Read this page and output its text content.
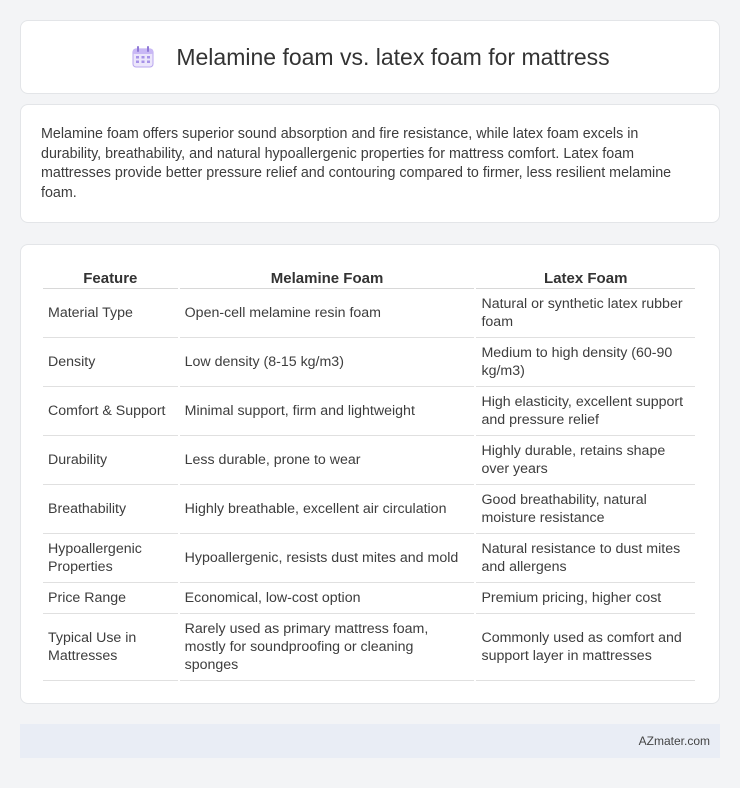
Melamine foam vs. latex foam for mattress

Melamine foam offers superior sound absorption and fire resistance, while latex foam excels in durability, breathability, and natural hypoallergenic properties for mattress comfort. Latex foam mattresses provide better pressure relief and contouring compared to firmer, less resilient melamine foam.

Feature	Melamine Foam	Latex Foam
Material Type	Open-cell melamine resin foam	Natural or synthetic latex rubber foam
Density	Low density (8-15 kg/m3)	Medium to high density (60-90 kg/m3)
Comfort & Support	Minimal support, firm and lightweight	High elasticity, excellent support and pressure relief
Durability	Less durable, prone to wear	Highly durable, retains shape over years
Breathability	Highly breathable, excellent air circulation	Good breathability, natural moisture resistance
Hypoallergenic Properties	Hypoallergenic, resists dust mites and mold	Natural resistance to dust mites and allergens
Price Range	Economical, low-cost option	Premium pricing, higher cost
Typical Use in Mattresses	Rarely used as primary mattress foam, mostly for soundproofing or cleaning sponges	Commonly used as comfort and support layer in mattresses
AZmater.com
